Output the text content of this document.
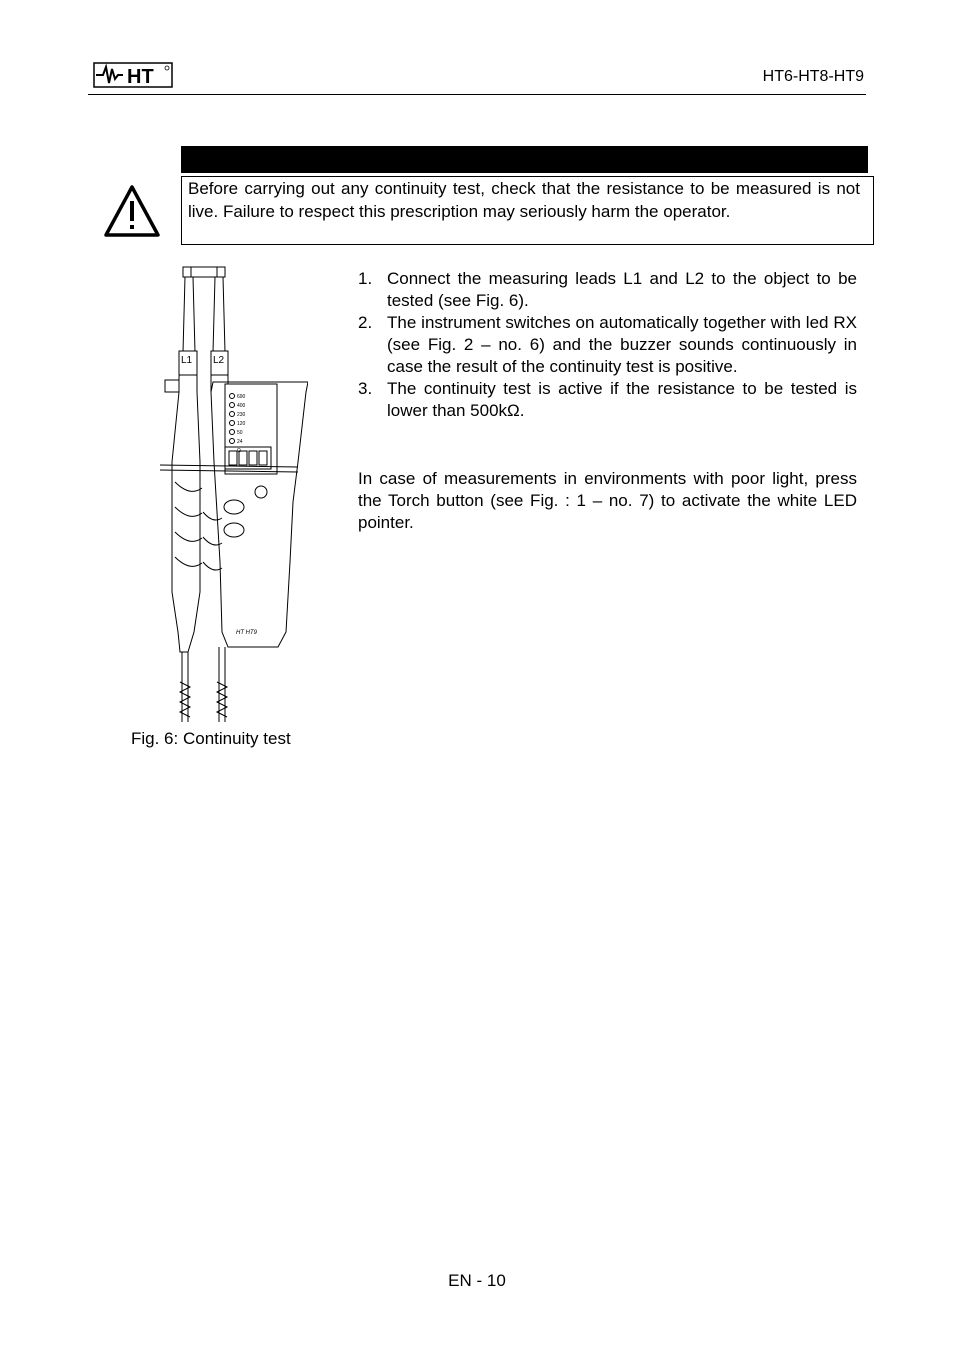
HT	HT6-HT8-HT9
Before carrying out any continuity test, check that the resistance to be measured is not live. Failure to respect this prescription may seriously harm the operator.
L1 L2
690
400
230
120
50
24
Ω
HT HT9
Fig. 6: Continuity test
1. Connect the measuring leads L1 and L2 to the object to be tested (see Fig. 6).
2. The instrument switches on automatically together with led RX (see Fig. 2 – no. 6) and the buzzer sounds continuously in case the result of the continuity test is positive.
3. The continuity test is active if the resistance to be tested is lower than 500kΩ.

In case of measurements in environments with poor light, press the Torch button (see Fig. : 1 – no. 7) to activate the white LED pointer.

EN - 10
